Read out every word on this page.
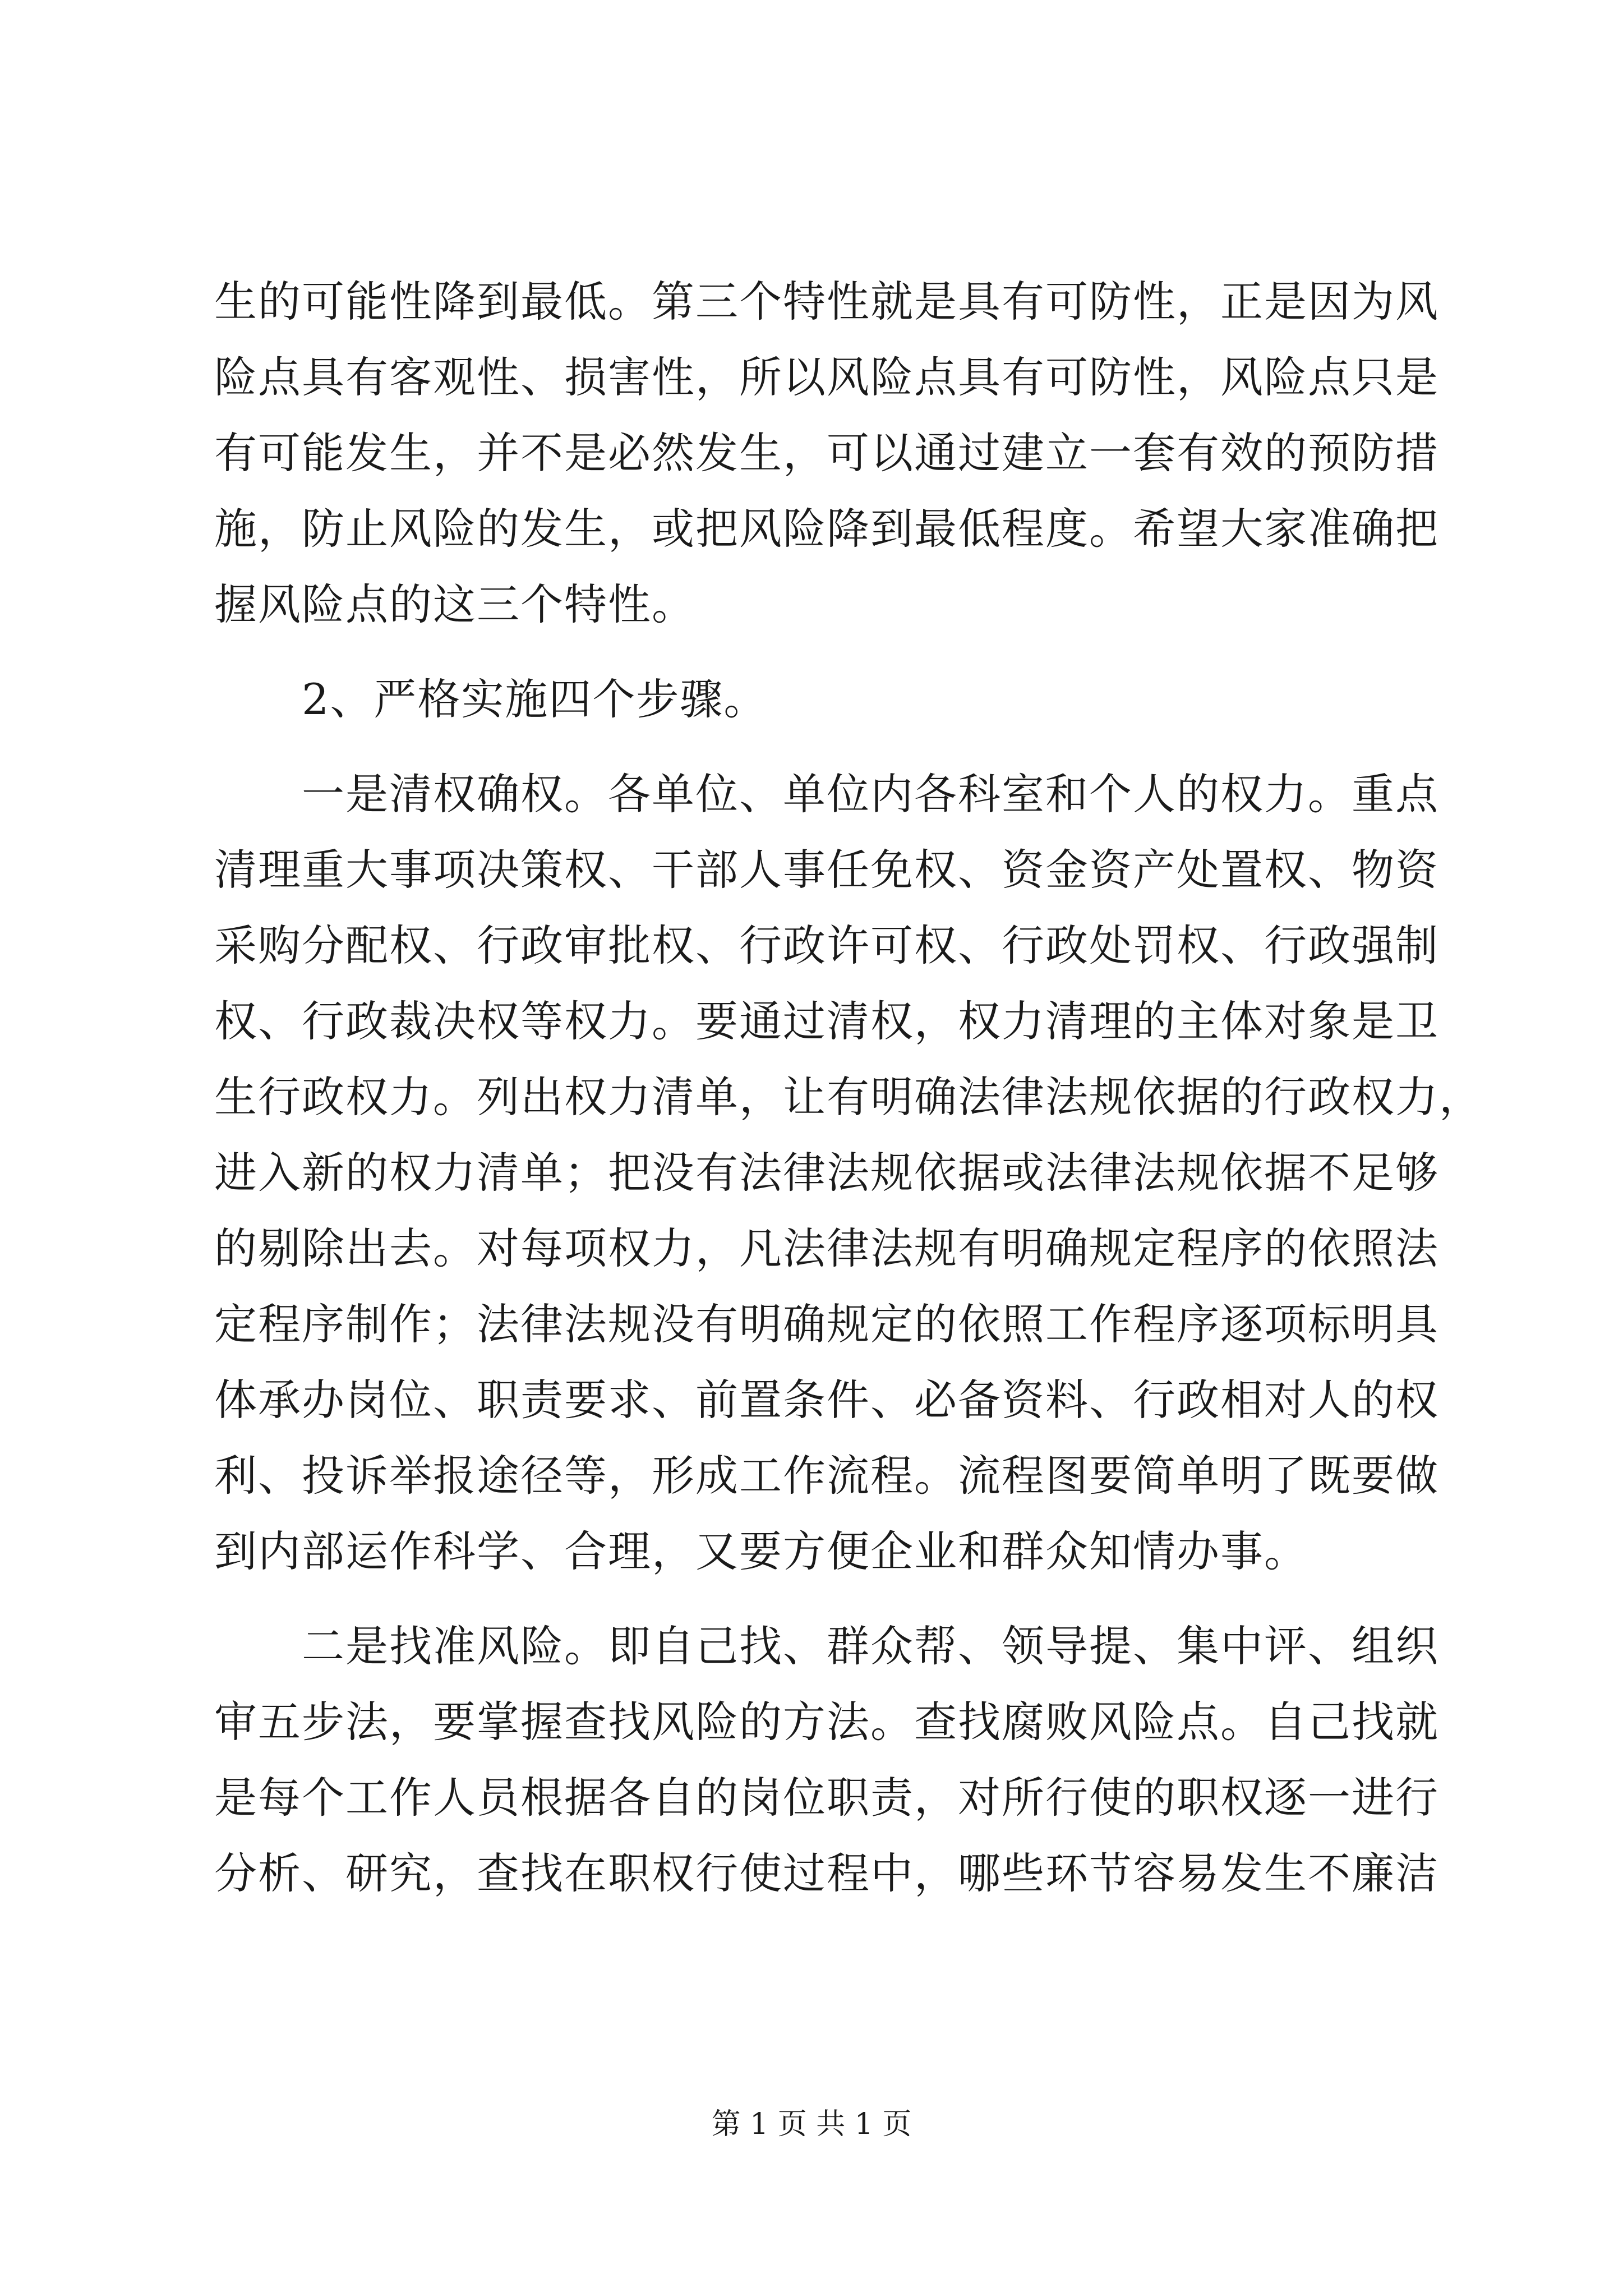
生的可能性降到最低。第三个特性就是具有可防性，正是因为风
险点具有客观性、损害性，所以风险点具有可防性，风险点只是
有可能发生，并不是必然发生，可以通过建立一套有效的预防措
施，防止风险的发生，或把风险降到最低程度。希望大家准确把
握风险点的这三个特性。
2、严格实施四个步骤。
一是清权确权。各单位、单位内各科室和个人的权力。重点
清理重大事项决策权、干部人事任免权、资金资产处置权、物资
采购分配权、行政审批权、行政许可权、行政处罚权、行政强制
权、行政裁决权等权力。要通过清权，权力清理的主体对象是卫
生行政权力。列出权力清单，让有明确法律法规依据的行政权力，
进入新的权力清单；把没有法律法规依据或法律法规依据不足够
的剔除出去。对每项权力，凡法律法规有明确规定程序的依照法
定程序制作；法律法规没有明确规定的依照工作程序逐项标明具
体承办岗位、职责要求、前置条件、必备资料、行政相对人的权
利、投诉举报途径等，形成工作流程。流程图要简单明了既要做
到内部运作科学、合理，又要方便企业和群众知情办事。
二是找准风险。即自己找、群众帮、领导提、集中评、组织
审五步法，要掌握查找风险的方法。查找腐败风险点。自己找就
是每个工作人员根据各自的岗位职责，对所行使的职权逐一进行
分析、研究，查找在职权行使过程中，哪些环节容易发生不廉洁
第 1 页 共 1 页
